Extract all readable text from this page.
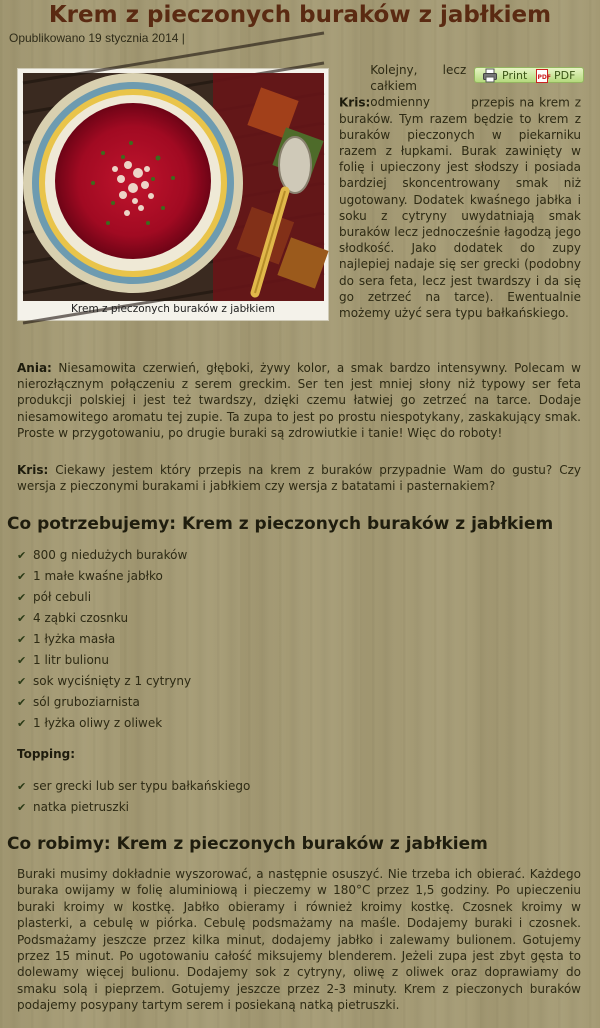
Krem z pieczonych buraków z jabłkiem
Opublikowano 19 stycznia 2014 |
Krem z pieczonych buraków z jabłkiem
Print PDF PDF

Kris:Kolejny, lecz całkiem odmienny	przepis na krem z buraków. Tym razem będzie to krem z buraków pieczonych w piekarniku razem z łupkami. Burak zawinięty w folię i upieczony jest słodszy i posiada bardziej skoncentrowany smak niż ugotowany. Dodatek kwaśnego jabłka i soku z cytryny uwydatniają smak buraków lecz jednocześnie łagodzą jego słodkość. Jako dodatek do zupy najlepiej nadaje się ser grecki (podobny do sera feta, lecz jest twardszy i da się go zetrzeć na tarce). Ewentualnie możemy użyć sera typu bałkańskiego.

Ania: Niesamowita czerwień, głęboki, żywy kolor, a smak bardzo intensywny. Polecam w nierozłącznym połączeniu z serem greckim. Ser ten jest mniej słony niż typowy ser feta produkcji polskiej i jest też twardszy, dzięki czemu łatwiej go zetrzeć na tarce. Dodaje niesamowitego aromatu tej zupie. Ta zupa to jest po prostu niespotykany, zaskakujący smak. Proste w przygotowaniu, po drugie buraki są zdrowiutkie i tanie! Więc do roboty!

Kris: Ciekawy jestem który przepis na krem z buraków przypadnie Wam do gustu? Czy wersja z pieczonymi burakami i jabłkiem czy wersja z batatami i pasternakiem?

Co potrzebujemy: Krem z pieczonych buraków z jabłkiem
✔ 800 g niedużych buraków
✔ 1 małe kwaśne jabłko
✔ pół cebuli
✔ 4 ząbki czosnku
✔ 1 łyżka masła
✔ 1 litr bulionu
✔ sok wyciśnięty z 1 cytryny
✔ sól gruboziarnista
✔ 1 łyżka oliwy z oliwek
Topping:
✔ ser grecki lub ser typu bałkańskiego
✔ natka pietruszki
Co robimy: Krem z pieczonych buraków z jabłkiem

Buraki musimy dokładnie wyszorować, a następnie osuszyć. Nie trzeba ich obierać. Każdego buraka owijamy w folię aluminiową i pieczemy w 180°C przez 1,5 godziny. Po upieczeniu buraki kroimy w kostkę. Jabłko obieramy i również kroimy kostkę. Czosnek kroimy w plasterki, a cebulę w piórka. Cebulę podsmażamy na maśle. Dodajemy buraki i czosnek. Podsmażamy jeszcze przez kilka minut, dodajemy jabłko i zalewamy bulionem. Gotujemy przez 15 minut. Po ugotowaniu całość miksujemy blenderem. Jeżeli zupa jest zbyt gęsta to dolewamy więcej bulionu. Dodajemy sok z cytryny, oliwę z oliwek oraz doprawiamy do smaku solą i pieprzem. Gotujemy jeszcze przez 2-3 minuty. Krem z pieczonych buraków podajemy posypany tartym serem i posiekaną natką pietruszki.
